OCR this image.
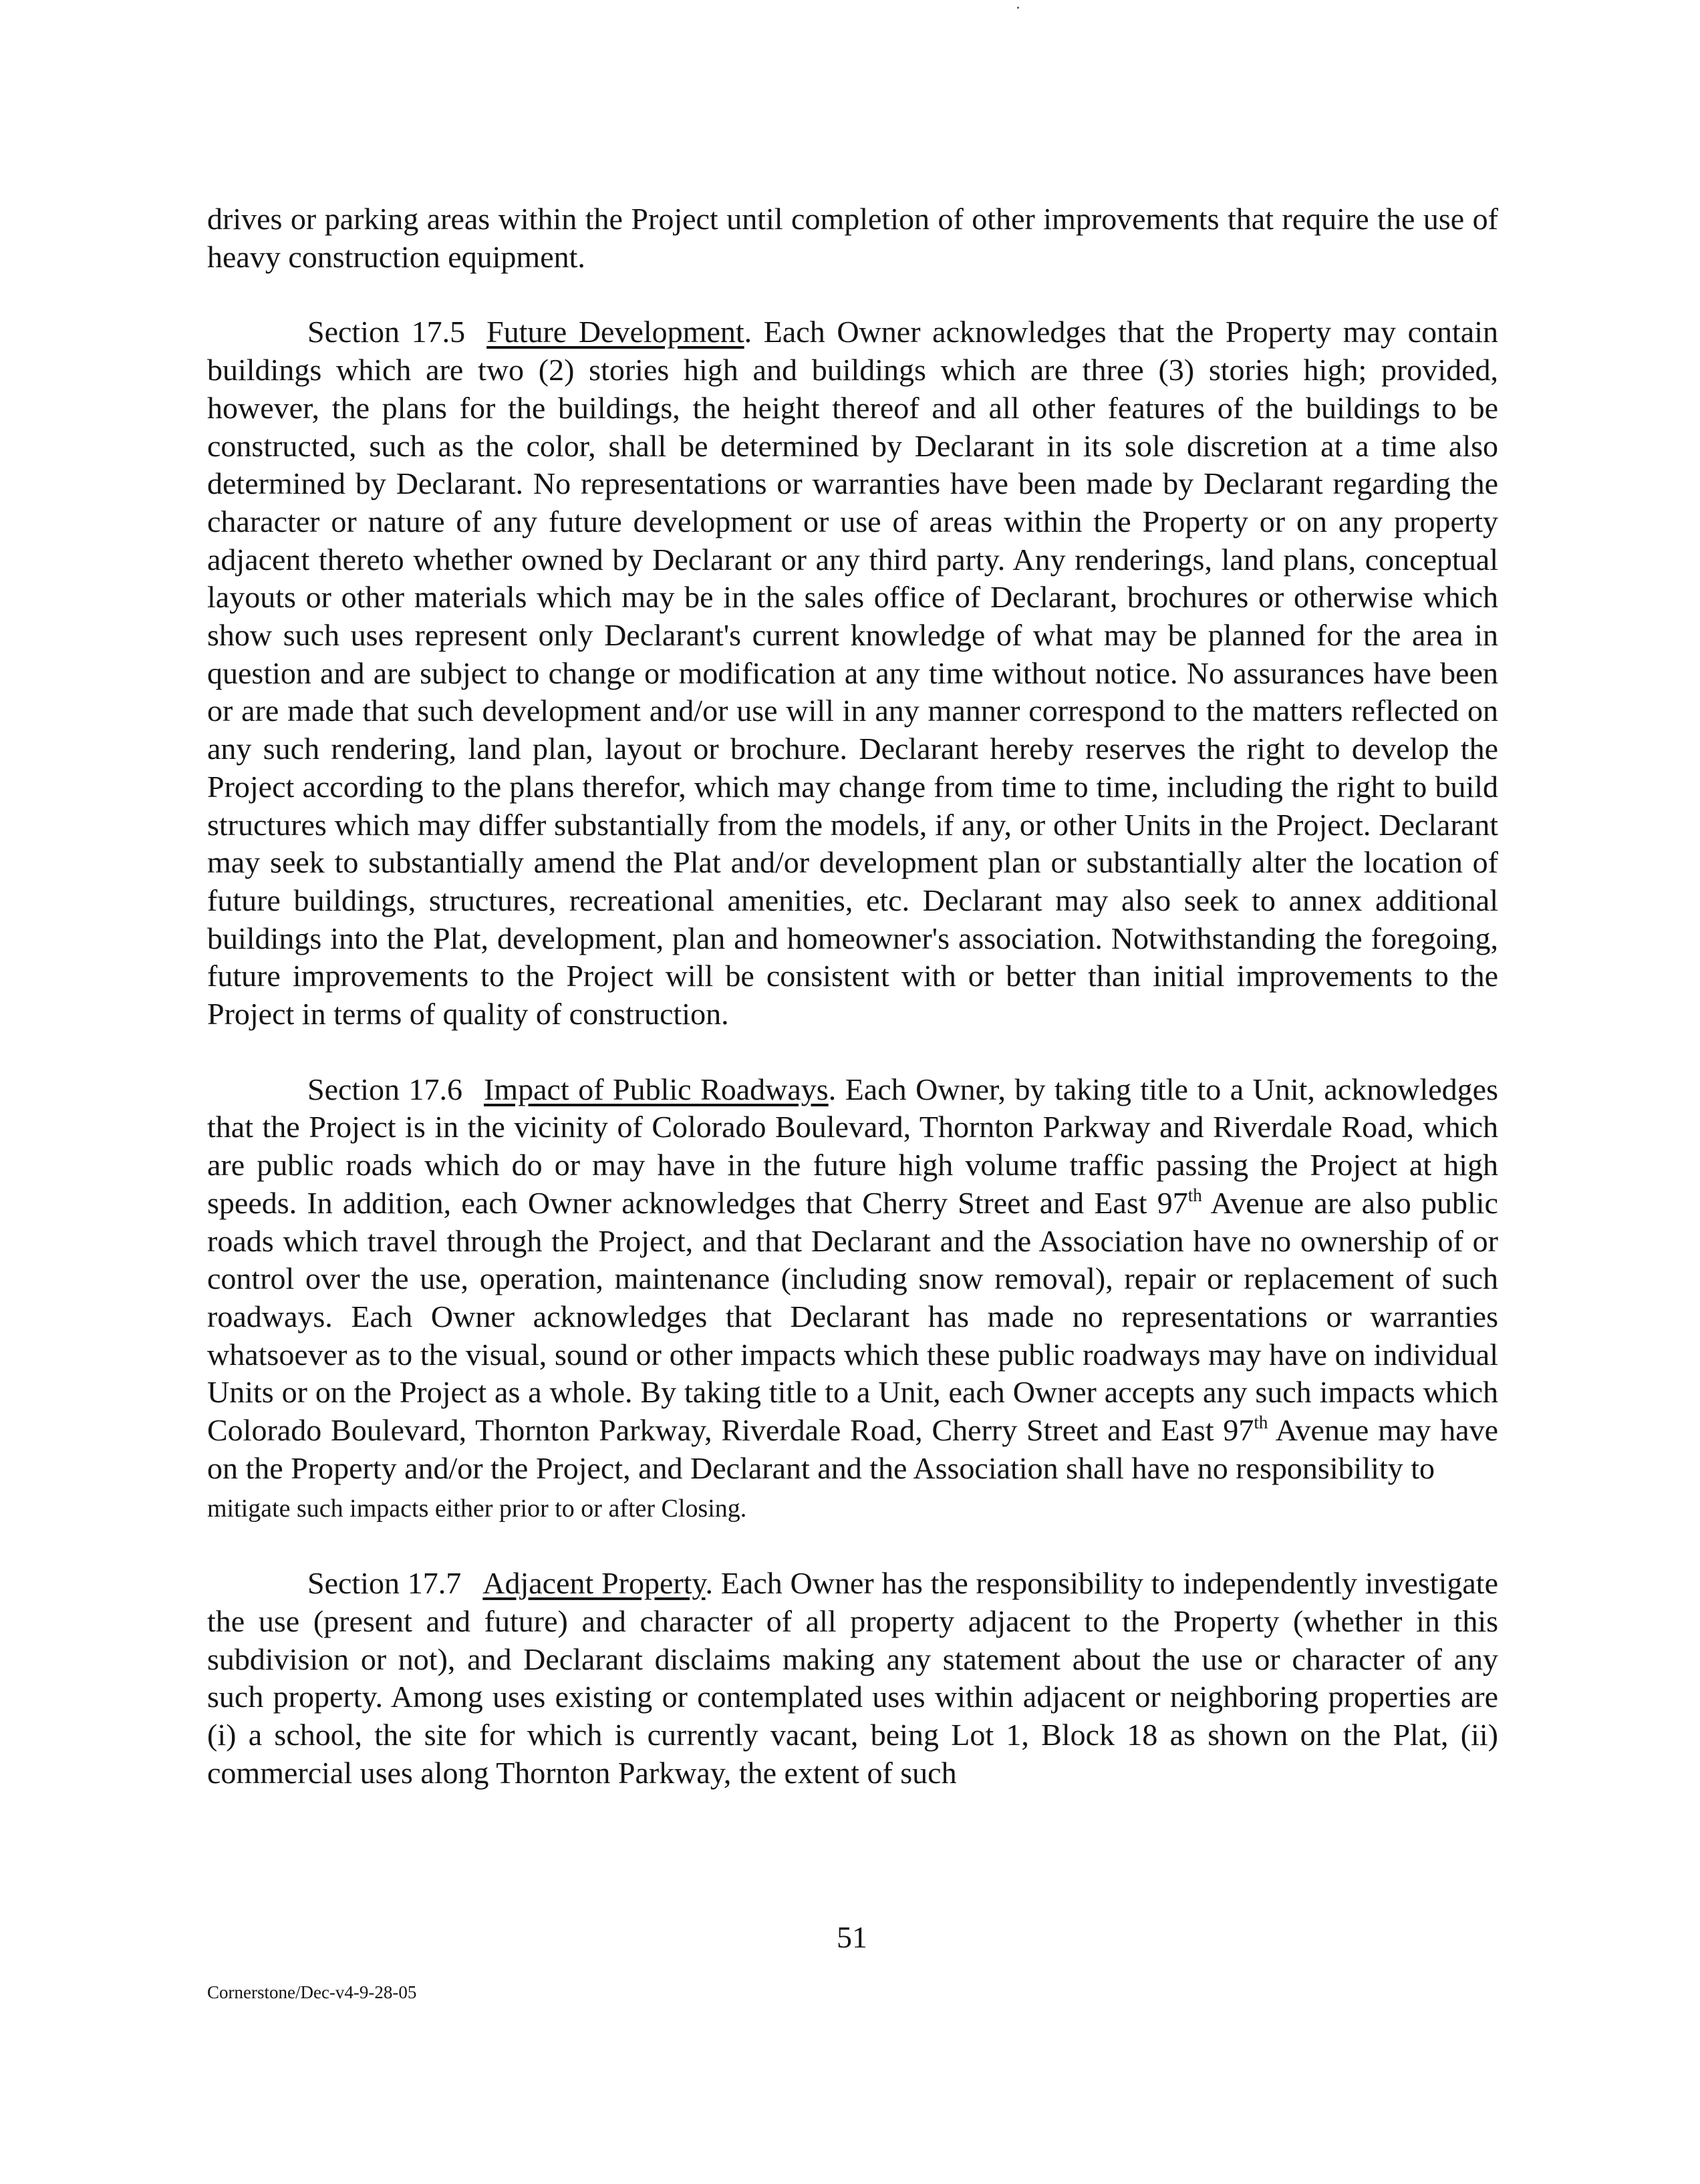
drives or parking areas within the Project until completion of other improvements that require the use of heavy construction equipment.

Section 17.5 Future Development. Each Owner acknowledges that the Property may contain buildings which are two (2) stories high and buildings which are three (3) stories high; provided, however, the plans for the buildings, the height thereof and all other features of the buildings to be constructed, such as the color, shall be determined by Declarant in its sole discretion at a time also determined by Declarant. No representations or warranties have been made by Declarant regarding the character or nature of any future development or use of areas within the Property or on any property adjacent thereto whether owned by Declarant or any third party. Any renderings, land plans, conceptual layouts or other materials which may be in the sales office of Declarant, brochures or otherwise which show such uses represent only Declarant's current knowledge of what may be planned for the area in question and are subject to change or modification at any time without notice. No assurances have been or are made that such development and/or use will in any manner correspond to the matters reflected on any such rendering, land plan, layout or brochure. Declarant hereby reserves the right to develop the Project according to the plans therefor, which may change from time to time, including the right to build structures which may differ substantially from the models, if any, or other Units in the Project. Declarant may seek to substantially amend the Plat and/or development plan or substantially alter the location of future buildings, structures, recreational amenities, etc. Declarant may also seek to annex additional buildings into the Plat, development, plan and homeowner's association. Notwithstanding the foregoing, future improvements to the Project will be consistent with or better than initial improvements to the Project in terms of quality of construction.

Section 17.6 Impact of Public Roadways. Each Owner, by taking title to a Unit, acknowledges that the Project is in the vicinity of Colorado Boulevard, Thornton Parkway and Riverdale Road, which are public roads which do or may have in the future high volume traffic passing the Project at high speeds. In addition, each Owner acknowledges that Cherry Street and East 97th Avenue are also public roads which travel through the Project, and that Declarant and the Association have no ownership of or control over the use, operation, maintenance (including snow removal), repair or replacement of such roadways. Each Owner acknowledges that Declarant has made no representations or warranties whatsoever as to the visual, sound or other impacts which these public roadways may have on individual Units or on the Project as a whole. By taking title to a Unit, each Owner accepts any such impacts which Colorado Boulevard, Thornton Parkway, Riverdale Road, Cherry Street and East 97th Avenue may have on the Property and/or the Project, and Declarant and the Association shall have no responsibility to
mitigate such impacts either prior to or after Closing.

Section 17.7 Adjacent Property. Each Owner has the responsibility to independently investigate the use (present and future) and character of all property adjacent to the Property (whether in this subdivision or not), and Declarant disclaims making any statement about the use or character of any such property. Among uses existing or contemplated uses within adjacent or neighboring properties are (i) a school, the site for which is currently vacant, being Lot 1, Block 18 as shown on the Plat, (ii) commercial uses along Thornton Parkway, the extent of such

51
Cornerstone/Dec-v4-9-28-05
